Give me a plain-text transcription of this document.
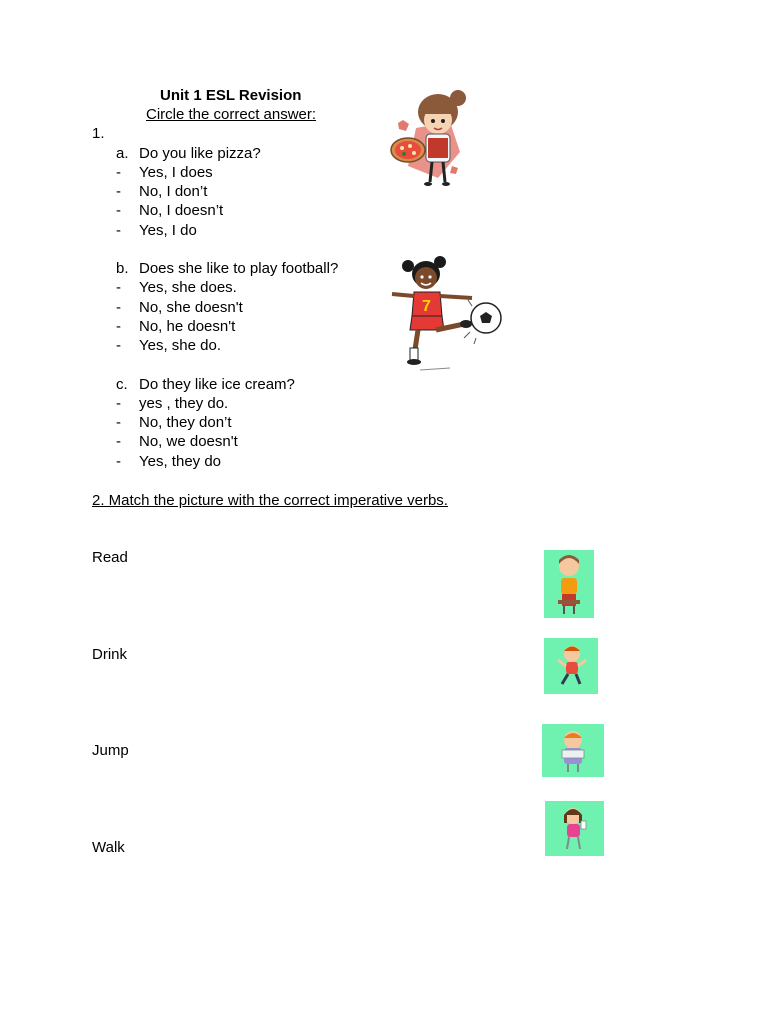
Unit 1 ESL Revision
Circle the correct answer:
1.
a. Do you like pizza?
-	Yes, I does
-	No, I don’t
-	No, I doesn’t
-	Yes, I do
b. Does she like to play football?
-	Yes, she does.
-	No, she doesn't
-	No, he doesn't
-	Yes, she do.
c. Do they like ice cream?
-	yes , they do.
-	No, they don’t
-	No, we doesn't
-	Yes, they do
2. Match the picture with the correct imperative verbs.
Read
Drink
Jump
Walk
7
